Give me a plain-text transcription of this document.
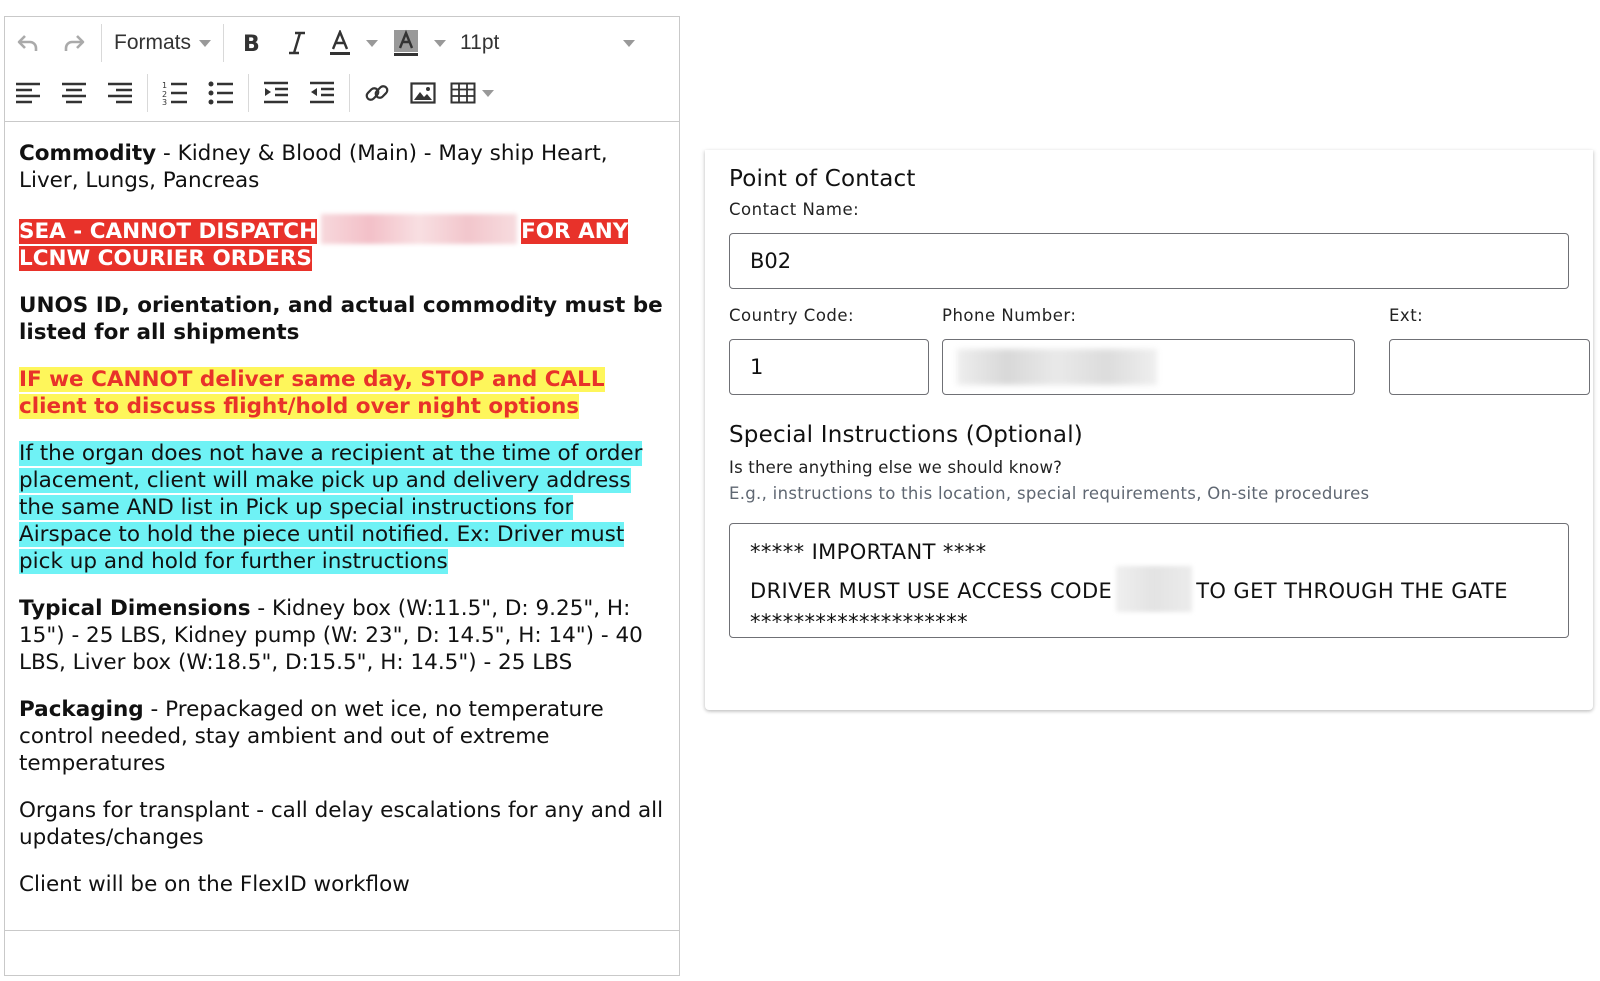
Formats B	11pt
1
2
3

Commodity - Kidney & Blood (Main) - May ship Heart, Liver, Lungs, Pancreas

SEA - CANNOT DISPATCH	FOR ANY
LCNW COURIER ORDERS

UNOS ID, orientation, and actual commodity must be listed for all shipments

IF we CANNOT deliver same day, STOP and CALL client to discuss flight/hold over night options

If the organ does not have a recipient at the time of order placement, client will make pick up and delivery address the same AND list in Pick up special instructions for Airspace to hold the piece until notified. Ex: Driver must pick up and hold for further instructions

Typical Dimensions - Kidney box (W:11.5", D: 9.25", H: 15") - 25 LBS, Kidney pump (W: 23", D: 14.5", H: 14") - 40 LBS, Liver box (W:18.5", D:15.5", H: 14.5") - 25 LBS

Packaging - Prepackaged on wet ice, no temperature control needed, stay ambient and out of extreme temperatures

Organs for transplant - call delay escalations for any and all updates/changes

Client will be on the FlexID workflow

Point of Contact
Contact Name:
B02
Country Code:	Phone Number:	Ext:
1
Special Instructions (Optional)
Is there anything else we should know?
E.g., instructions to this location, special requirements, On-site procedures
***** IMPORTANT ****
DRIVER MUST USE ACCESS CODE	TO GET THROUGH THE GATE
********************
